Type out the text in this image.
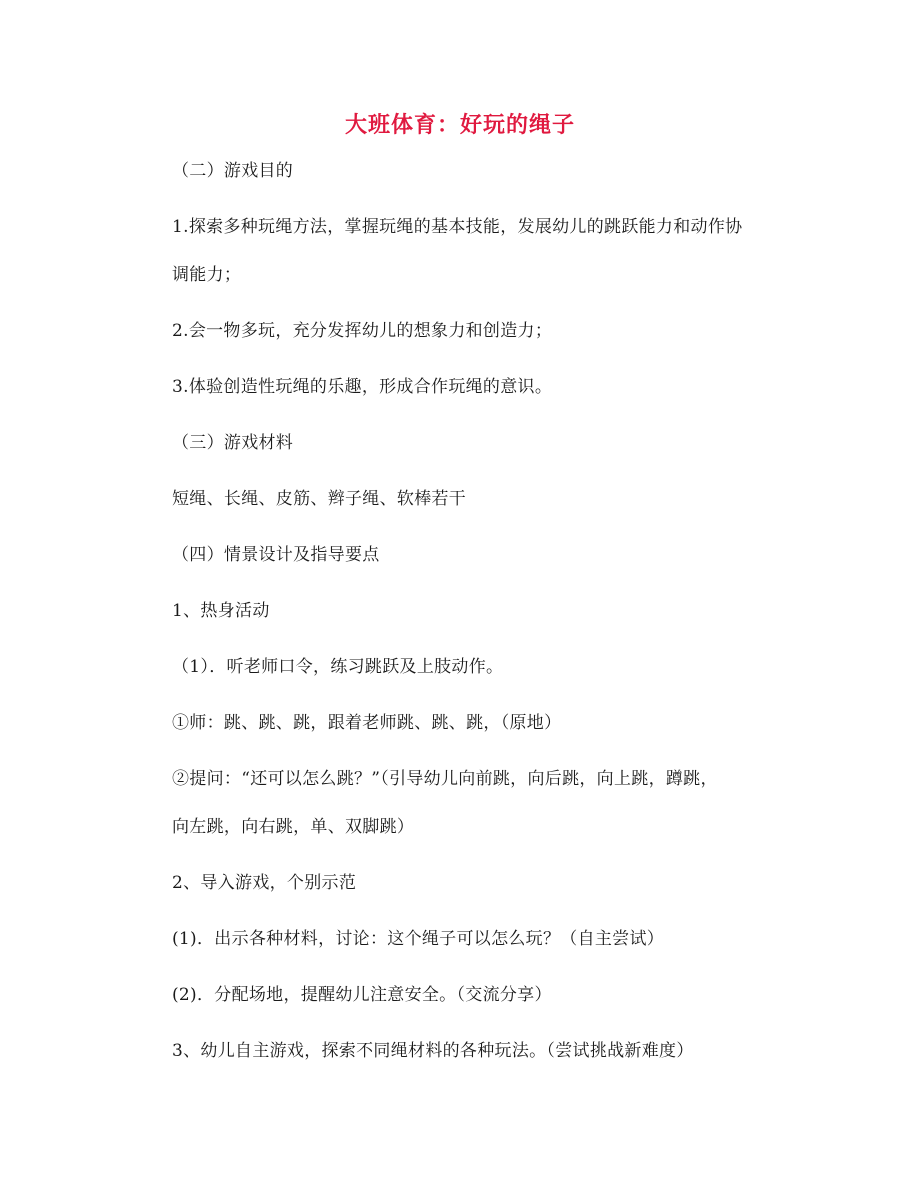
大班体育：好玩的绳子
（二）游戏目的
1.探索多种玩绳方法，掌握玩绳的基本技能，发展幼儿的跳跃能力和动作协
调能力；
2.会一物多玩，充分发挥幼儿的想象力和创造力；
3.体验创造性玩绳的乐趣，形成合作玩绳的意识。
（三）游戏材料
短绳、长绳、皮筋、辫子绳、软棒若干
（四）情景设计及指导要点
1、热身活动
（1）．听老师口令，练习跳跃及上肢动作。
①师：跳、跳、跳，跟着老师跳、跳、跳，（原地）
②提问：“还可以怎么跳？”（引导幼儿向前跳，向后跳，向上跳，蹲跳，
向左跳，向右跳，单、双脚跳）
2、导入游戏，个别示范
(1)．出示各种材料，讨论：这个绳子可以怎么玩？（自主尝试）
(2)．分配场地，提醒幼儿注意安全。（交流分享）
3、幼儿自主游戏，探索不同绳材料的各种玩法。（尝试挑战新难度）
